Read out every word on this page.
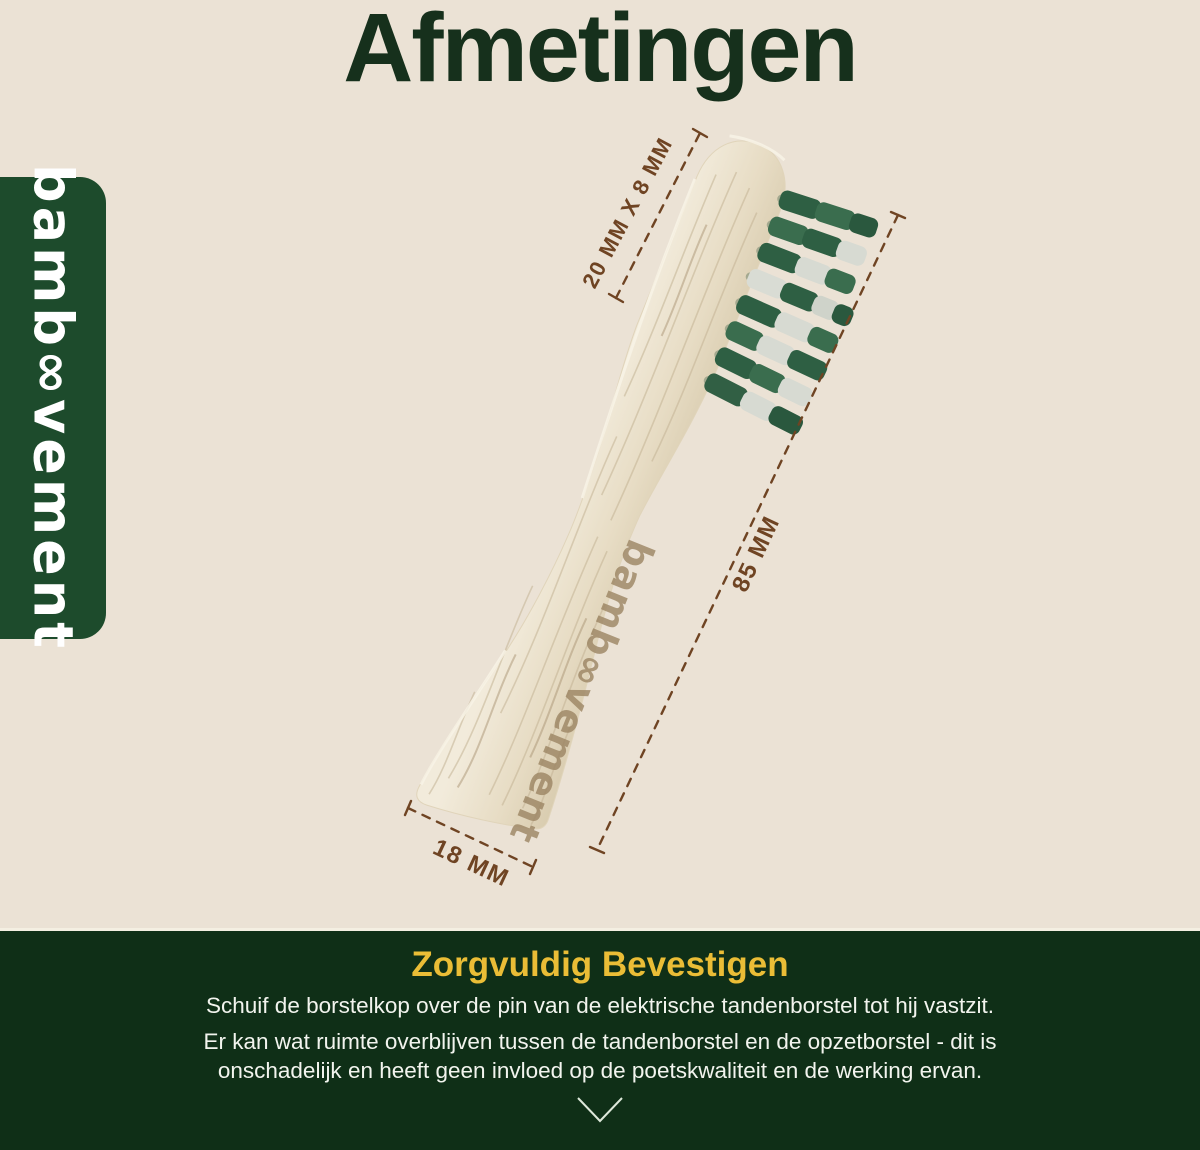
Afmetingen
bamb∞vement
bamb∞vement
20 MM X 8 MM
85 MM
18 MM
Zorgvuldig Bevestigen

Schuif de borstelkop over de pin van de elektrische tandenborstel tot hij vastzit.

Er kan wat ruimte overblijven tussen de tandenborstel en de opzetborstel - dit is onschadelijk en heeft geen invloed op de poetskwaliteit en de werking ervan.
